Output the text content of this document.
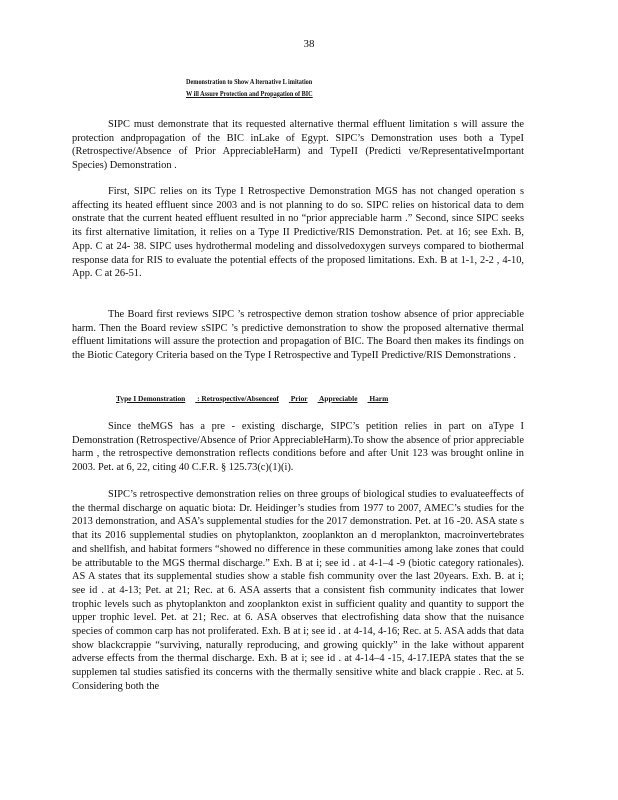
38
Demonstration to Show A lternative L imitation
W ill Assure Protection and Propagation of BIC
SIPC must demonstrate that its requested alternative thermal effluent limitation s will assure the protection andpropagation of the BIC inLake of Egypt. SIPC’s Demonstration uses both a TypeI (Retrospective/Absence of Prior AppreciableHarm) and TypeII (Predicti ve/RepresentativeImportant Species) Demonstration .
First, SIPC relies on its Type I Retrospective Demonstration MGS has not changed operation s affecting its heated effluent since 2003 and is not planning to do so. SIPC relies on historical data to dem onstrate that the current heated effluent resulted in no “prior appreciable harm .” Second, since SIPC seeks its first alternative limitation, it relies on a Type II Predictive/RIS Demonstration. Pet. at 16; see Exh. B, App. C at 24- 38. SIPC uses hydrothermal modeling and dissolvedoxygen surveys compared to biothermal response data for RIS to evaluate the potential effects of the proposed limitations. Exh. B at 1-1, 2-2 , 4-10, App. C at 26-51.
The Board first reviews SIPC ’s retrospective demon stration toshow absence of prior appreciable harm. Then the Board review sSIPC ’s predictive demonstration to show the proposed alternative thermal effluent limitations will assure the protection and propagation of BIC. The Board then makes its findings on the Biotic Category Criteria based on the Type I Retrospective and TypeII Predictive/RIS Demonstrations .
Type I Demonstration : Retrospective/Absenceof Prior Appreciable Harm
Since theMGS has a pre - existing discharge, SIPC’s petition relies in part on aType I Demonstration (Retrospective/Absence of Prior AppreciableHarm).To show the absence of prior appreciable harm , the retrospective demonstration reflects conditions before and after Unit 123 was brought online in 2003. Pet. at 6, 22, citing 40 C.F.R. § 125.73(c)(1)(i).
SIPC’s retrospective demonstration relies on three groups of biological studies to evaluateeffects of the thermal discharge on aquatic biota: Dr. Heidinger’s studies from 1977 to 2007, AMEC’s studies for the 2013 demonstration, and ASA’s supplemental studies for the 2017 demonstration. Pet. at 16 -20. ASA state s that its 2016 supplemental studies on phytoplankton, zooplankton an d meroplankton, macroinvertebrates and shellfish, and habitat formers “showed no difference in these communities among lake zones that could be attributable to the MGS thermal discharge.” Exh. B at i; see id . at 4-1–4 -9 (biotic category rationales). AS A states that its supplemental studies show a stable fish community over the last 20years. Exh. B. at i; see id . at 4-13; Pet. at 21; Rec. at 6. ASA asserts that a consistent fish community indicates that lower trophic levels such as phytoplankton and zooplankton exist in sufficient quality and quantity to support the upper trophic level. Pet. at 21; Rec. at 6. ASA observes that electrofishing data show that the nuisance species of common carp has not proliferated. Exh. B at i; see id . at 4-14, 4-16; Rec. at 5. ASA adds that data show blackcrappie “surviving, naturally reproducing, and growing quickly” in the lake without apparent adverse effects from the thermal discharge. Exh. B at i; see id . at 4-14–4 -15, 4-17.IEPA states that the se supplemen tal studies satisfied its concerns with the thermally sensitive white and black crappie . Rec. at 5. Considering both the
